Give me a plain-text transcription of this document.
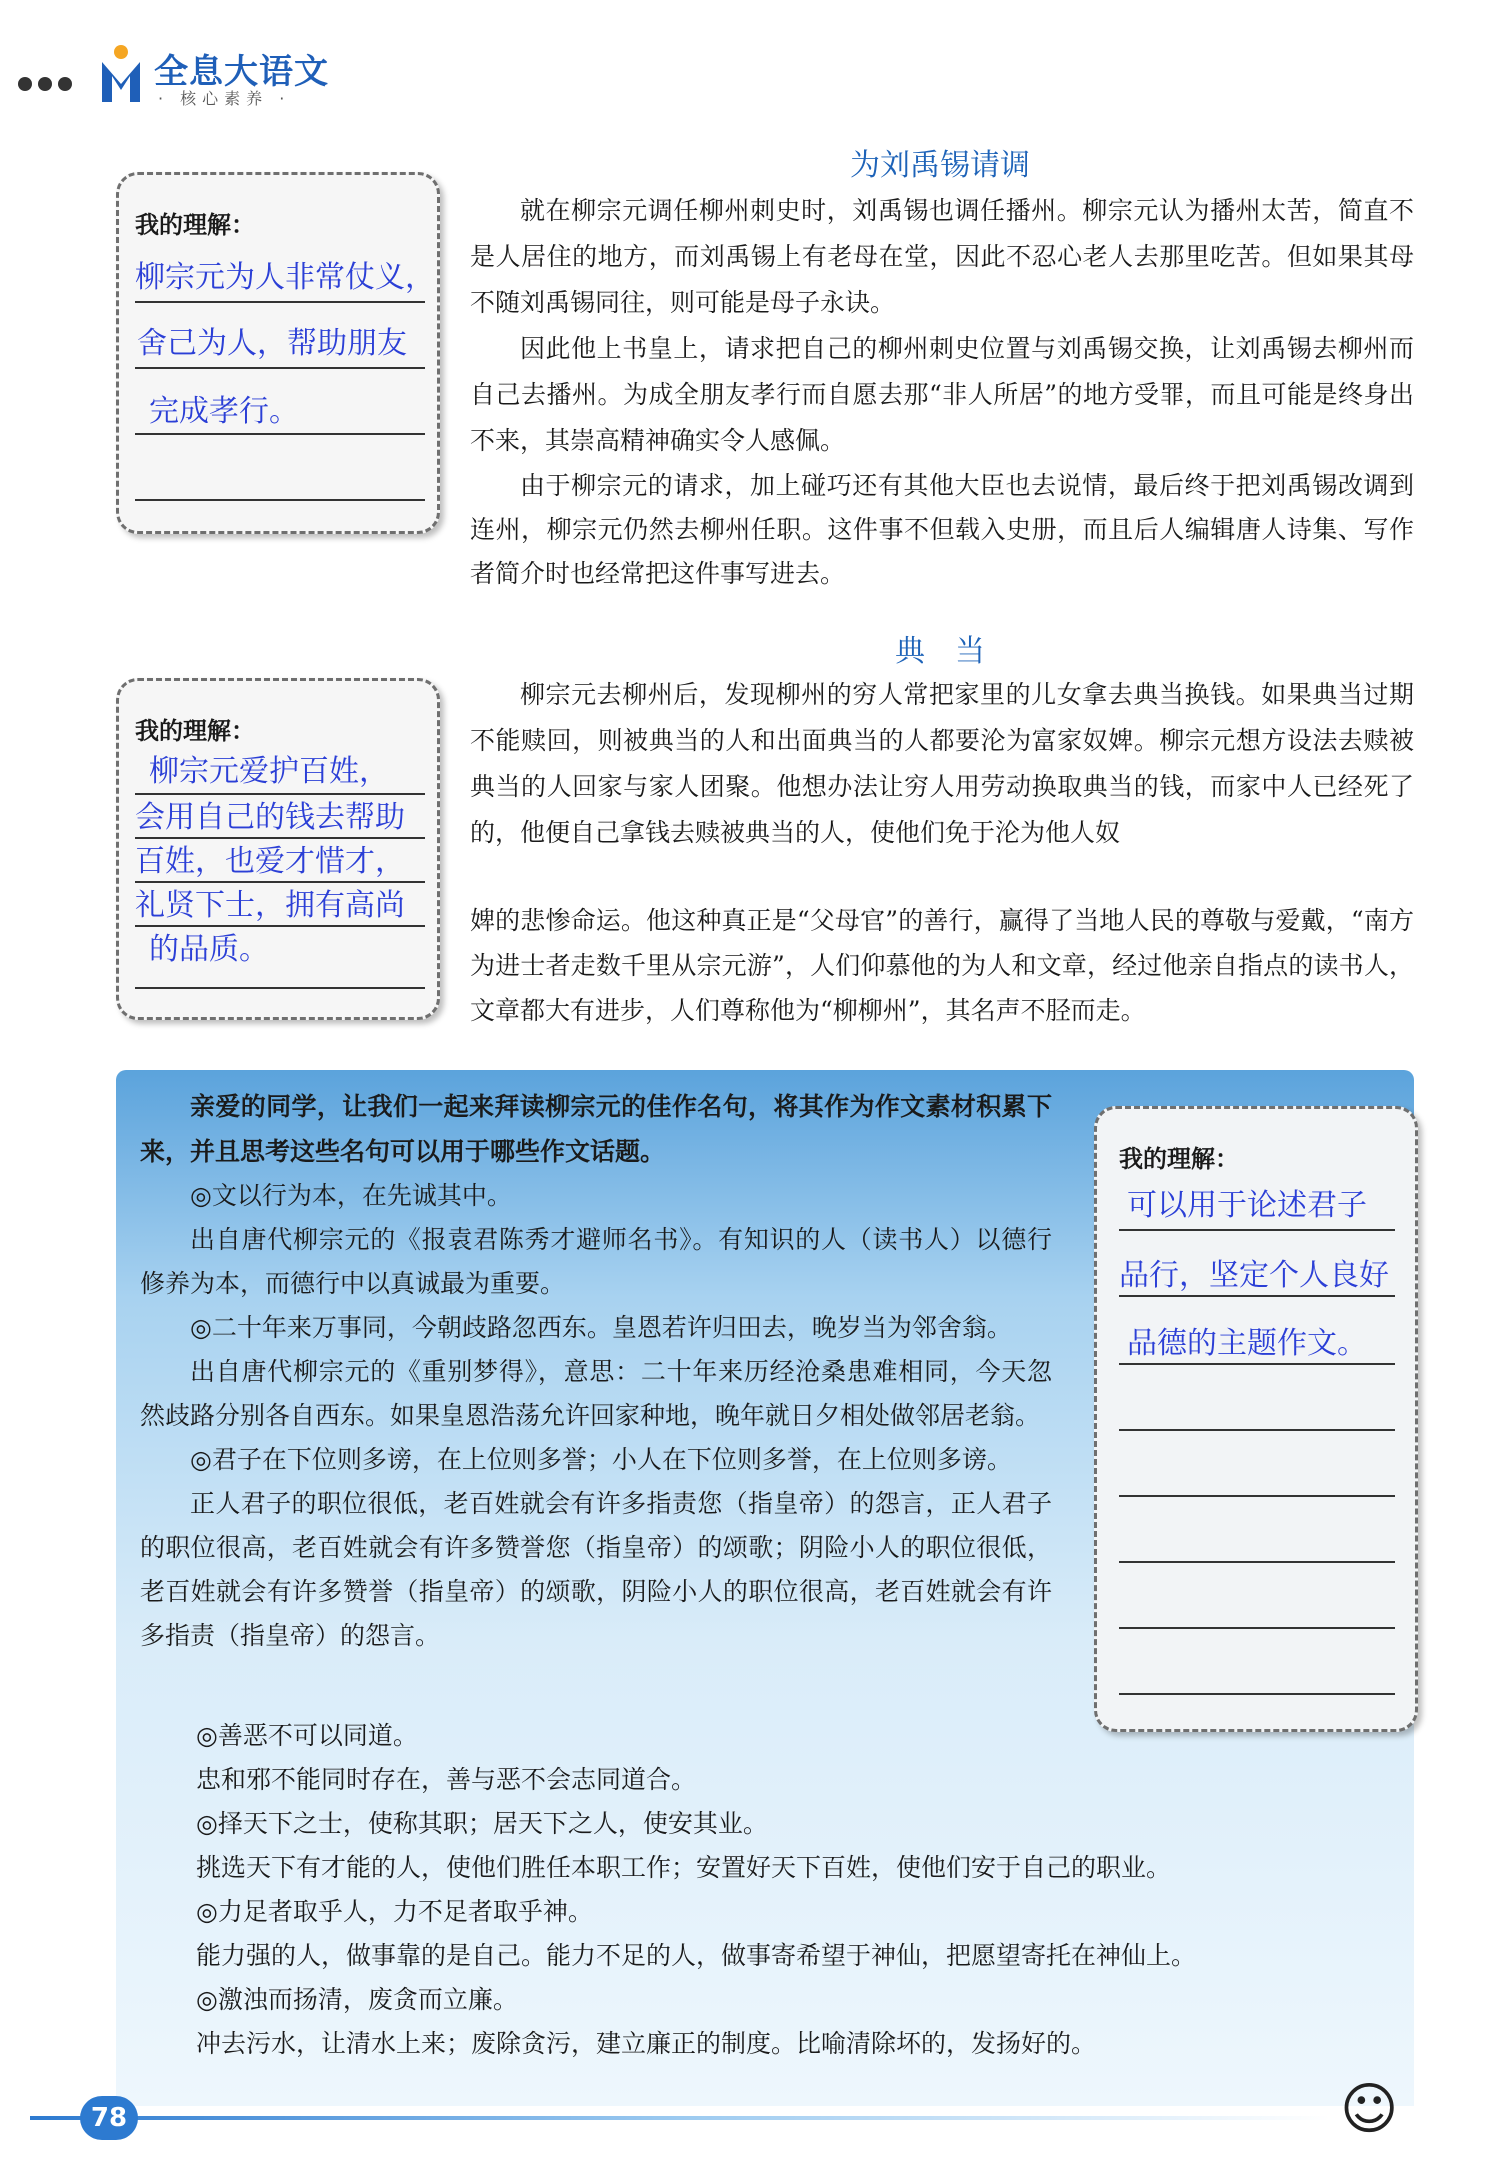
全息大语文
· 核心素养 ·
为刘禹锡请调
我的理解：
柳宗元为人非常仗义，
舍己为人，帮助朋友
完成孝行。

就在柳宗元调任柳州刺史时，刘禹锡也调任播州。柳宗元认为播州太苦，简直不是人居住的地方，而刘禹锡上有老母在堂，因此不忍心老人去那里吃苦。但如果其母不随刘禹锡同往，则可能是母子永诀。

因此他上书皇上，请求把自己的柳州刺史位置与刘禹锡交换，让刘禹锡去柳州而自己去播州。为成全朋友孝行而自愿去那“非人所居”的地方受罪，而且可能是终身出不来，其崇高精神确实令人感佩。

由于柳宗元的请求，加上碰巧还有其他大臣也去说情，最后终于把刘禹锡改调到连州，柳宗元仍然去柳州任职。这件事不但载入史册，而且后人编辑唐人诗集、写作者简介时也经常把这件事写进去。

典　当
我的理解：
柳宗元爱护百姓，
会用自己的钱去帮助
百姓，也爱才惜才，
礼贤下士，拥有高尚
的品质。

柳宗元去柳州后，发现柳州的穷人常把家里的儿女拿去典当换钱。如果典当过期不能赎回，则被典当的人和出面典当的人都要沦为富家奴婢。柳宗元想方设法去赎被典当的人回家与家人团聚。他想办法让穷人用劳动换取典当的钱，而家中人已经死了的，他便自己拿钱去赎被典当的人，使他们免于沦为他人奴

婢的悲惨命运。他这种真正是“父母官”的善行，赢得了当地人民的尊敬与爱戴，“南方为进士者走数千里从宗元游”，人们仰慕他的为人和文章，经过他亲自指点的读书人，文章都大有进步，人们尊称他为“柳柳州”，其名声不胫而走。

亲爱的同学，让我们一起来拜读柳宗元的佳作名句，将其作为作文素材积累下来，并且思考这些名句可以用于哪些作文话题。

◎文以行为本，在先诚其中。

出自唐代柳宗元的《报袁君陈秀才避师名书》。有知识的人（读书人）以德行修养为本，而德行中以真诚最为重要。

◎二十年来万事同，今朝歧路忽西东。皇恩若许归田去，晚岁当为邻舍翁。

出自唐代柳宗元的《重别梦得》，意思：二十年来历经沧桑患难相同，今天忽然歧路分别各自西东。如果皇恩浩荡允许回家种地，晚年就日夕相处做邻居老翁。

◎君子在下位则多谤，在上位则多誉；小人在下位则多誉，在上位则多谤。

正人君子的职位很低，老百姓就会有许多指责您（指皇帝）的怨言，正人君子的职位很高，老百姓就会有许多赞誉您（指皇帝）的颂歌；阴险小人的职位很低，老百姓就会有许多赞誉（指皇帝）的颂歌，阴险小人的职位很高，老百姓就会有许多指责（指皇帝）的怨言。

◎善恶不可以同道。

忠和邪不能同时存在，善与恶不会志同道合。

◎择天下之士，使称其职；居天下之人，使安其业。

挑选天下有才能的人，使他们胜任本职工作；安置好天下百姓，使他们安于自己的职业。

◎力足者取乎人，力不足者取乎神。

能力强的人，做事靠的是自己。能力不足的人，做事寄希望于神仙，把愿望寄托在神仙上。

◎激浊而扬清，废贪而立廉。

冲去污水，让清水上来；废除贪污，建立廉正的制度。比喻清除坏的，发扬好的。

我的理解：
可以用于论述君子
品行，坚定个人良好
品德的主题作文。
78	☺
